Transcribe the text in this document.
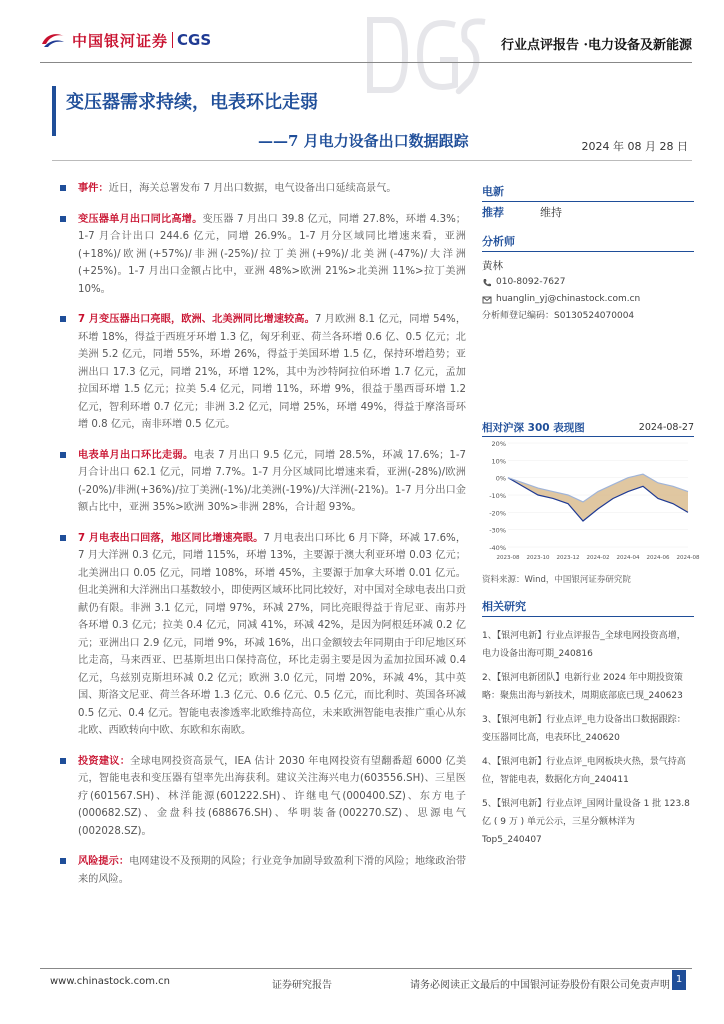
中国银河证券 CGS	行业点评报告 ·电力设备及新能源
变压器需求持续，电表环比走弱
——7 月电力设备出口数据跟踪	2024 年 08 月 28 日
事件：近日，海关总署发布 7 月出口数据，电气设备出口延续高景气。
变压器单月出口同比高增。变压器 7 月出口 39.8 亿元，同增 27.8%，环增 4.3%；1-7 月合计出口 244.6 亿元，同增 26.9%。1-7 月分区域同比增速来看，亚洲(+18%)/欧洲(+57%)/非洲(-25%)/拉丁美洲(+9%)/北美洲(-47%)/大洋洲(+25%)。1-7 月出口金额占比中，亚洲 48%>欧洲 21%>北美洲 11%>拉丁美洲 10%。
7 月变压器出口亮眼，欧洲、北美洲同比增速较高。7 月欧洲 8.1 亿元，同增 54%，环增 18%，得益于西班牙环增 1.3 亿，匈牙利亚、荷兰各环增 0.6 亿、0.5 亿元；北美洲 5.2 亿元，同增 55%，环增 26%，得益于美国环增 1.5 亿，保持环增趋势；亚洲出口 17.3 亿元，同增 21%，环增 12%，其中为沙特阿拉伯环增 1.7 亿元，孟加拉国环增 1.5 亿元；拉美 5.4 亿元，同增 11%，环增 9%，很益于墨西哥环增 1.2 亿元，智利环增 0.7 亿元；非洲 3.2 亿元，同增 25%，环增 49%，得益于摩洛哥环增 0.8 亿元，南非环增 0.5 亿元。
电表单月出口环比走弱。电表 7 月出口 9.5 亿元，同增 28.5%，环减 17.6%；1-7 月合计出口 62.1 亿元，同增 7.7%。1-7 月分区域同比增速来看，亚洲(-28%)/欧洲(-20%)/非洲(+36%)/拉丁美洲(-1%)/北美洲(-19%)/大洋洲(-21%)。1-7 月分出口金额占比中，亚洲 35%>欧洲 30%>非洲 28%，合计超 93%。
7 月电表出口回落，地区同比增速亮眼。7 月电表出口环比 6 月下降，环减 17.6%，7 月大洋洲 0.3 亿元，同增 115%，环增 13%，主要源于澳大利亚环增 0.03 亿元；北美洲出口 0.05 亿元，同增 108%，环增 45%，主要源于加拿大环增 0.01 亿元。但北美洲和大洋洲出口基数较小，即使两区域环比同比较好，对中国对全球电表出口贡献仍有限。非洲 3.1 亿元，同增 97%，环减 27%，同比亮眼得益于肯尼亚、南苏丹各环增 0.3 亿元；拉美 0.4 亿元，同减 41%，环减 42%，是因为阿根廷环减 0.2 亿元；亚洲出口 2.9 亿元，同增 9%，环减 16%，出口金额较去年同期由于印尼地区环比走高，马来西亚、巴基斯坦出口保持高位，环比走弱主要是因为孟加拉国环减 0.4 亿元，乌兹别克斯坦环减 0.2 亿元；欧洲 3.0 亿元，同增 20%，环减 4%，其中英国、斯洛文尼亚、荷兰各环增 1.3 亿元、0.6 亿元、0.5 亿元，而比利时、英国各环减 0.5 亿元、0.4 亿元。智能电表渗透率北欧维持高位，未来欧洲智能电表推广重心从东北欧、西欧转向中欧、东欧和东南欧。
投资建议：全球电网投资高景气，IEA 估计 2030 年电网投资有望翻番超 6000 亿美元，智能电表和变压器有望率先出海获利。建议关注海兴电力(603556.SH)、三星医疗(601567.SH)、林洋能源(601222.SH)、许继电气(000400.SZ)、东方电子(000682.SZ)、金盘科技(688676.SH)、华明装备(002270.SZ)、思源电气(002028.SZ)。
风险提示：电网建设不及预期的风险；行业竞争加剧导致盈利下滑的风险；地缘政治带来的风险。
电新
推荐	维持
分析师
黄林
010-8092-7627
huanglin_yj@chinastock.com.cn
分析师登记编码：S0130524070004
相对沪深 300 表现图	2024-08-27
20%
10%
0%
-10%
-20%
-30%
-40%
2023-08 2023-10 2023-12 2024-02 2024-04 2024-06 2024-08
资料来源：Wind，中国银河证券研究院
相关研究
1、【银河电新】行业点评报告_全球电网投资高增，电力设备出海可期_240816
2、【银河电新团队】电新行业 2024 年中期投资策略：聚焦出海与新技术，周期底部底已现_240623
3、【银河电新】行业点评_电力设备出口数据跟踪：变压器同比高，电表环比_240620
4、【银河电新】行业点评_电网板块火热，景气持高位，智能电表，数据化方向_240411
5、【银河电新】行业点评_国网计量设备 1 批 123.8 亿 ( 9 万 ) 单元公示，三星分额林洋为 Top5_240407
www.chinastock.com.cn	证券研究报告	请务必阅读正文最后的中国银河证券股份有限公司免责声明
1
